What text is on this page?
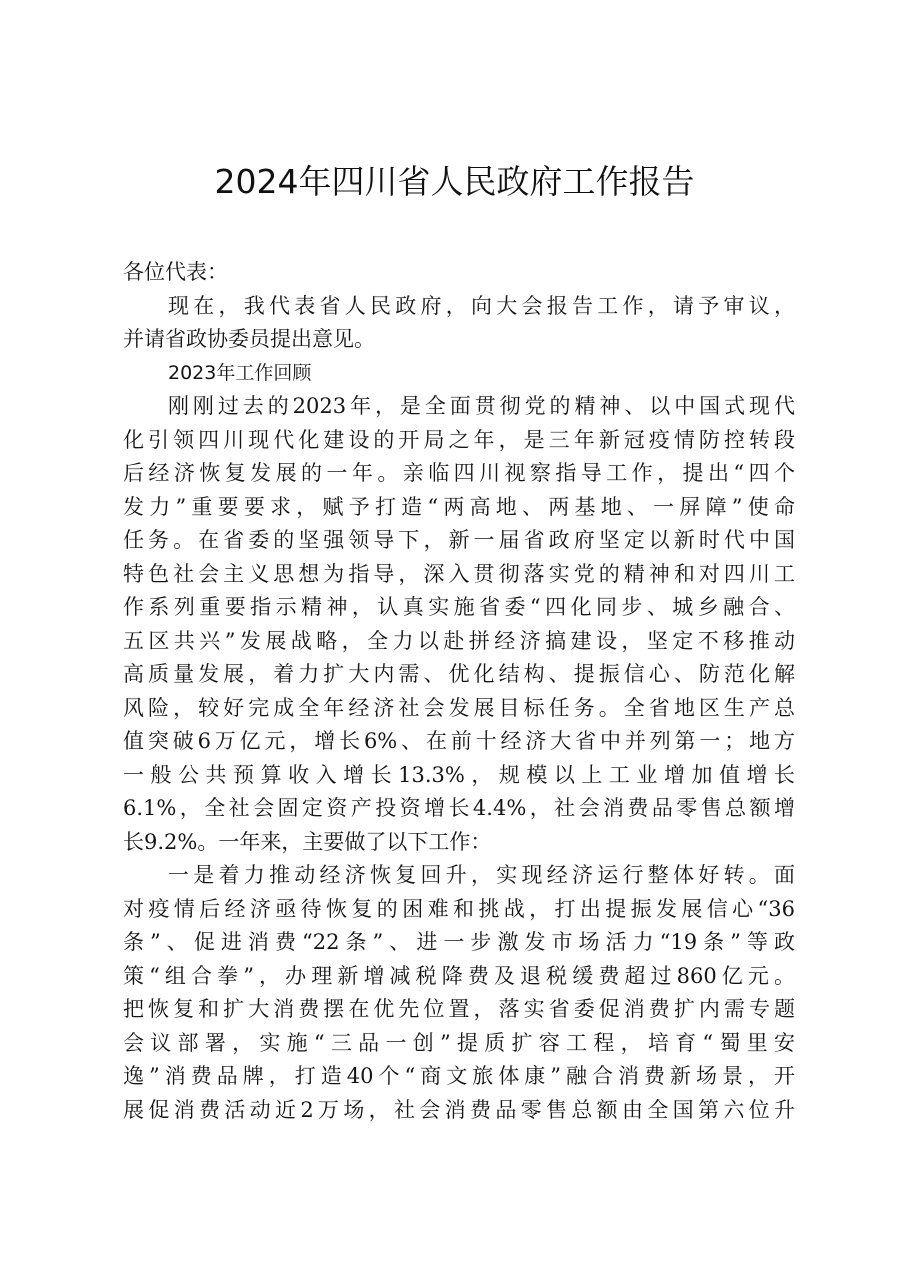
2024年四川省人民政府工作报告
各位代表：
现在，我代表省人民政府，向大会报告工作，请予审议，
并请省政协委员提出意见。
2023年工作回顾
刚刚过去的2023年，是全面贯彻党的精神、以中国式现代
化引领四川现代化建设的开局之年，是三年新冠疫情防控转段
后经济恢复发展的一年。亲临四川视察指导工作，提出“四个
发力”重要要求，赋予打造“两高地、两基地、一屏障”使命
任务。在省委的坚强领导下，新一届省政府坚定以新时代中国
特色社会主义思想为指导，深入贯彻落实党的精神和对四川工
作系列重要指示精神，认真实施省委“四化同步、城乡融合、
五区共兴”发展战略，全力以赴拼经济搞建设，坚定不移推动
高质量发展，着力扩大内需、优化结构、提振信心、防范化解
风险，较好完成全年经济社会发展目标任务。全省地区生产总
值突破6万亿元，增长6%、在前十经济大省中并列第一；地方
一般公共预算收入增长13.3%，规模以上工业增加值增长
6.1%，全社会固定资产投资增长4.4%，社会消费品零售总额增
长9.2%。一年来，主要做了以下工作：
一是着力推动经济恢复回升，实现经济运行整体好转。面
对疫情后经济亟待恢复的困难和挑战，打出提振发展信心“36
条”、促进消费“22条”、进一步激发市场活力“19条”等政
策“组合拳”，办理新增减税降费及退税缓费超过860亿元。
把恢复和扩大消费摆在优先位置，落实省委促消费扩内需专题
会议部署，实施“三品一创”提质扩容工程，培育“蜀里安
逸”消费品牌，打造40个“商文旅体康”融合消费新场景，开
展促消费活动近2万场，社会消费品零售总额由全国第六位升
